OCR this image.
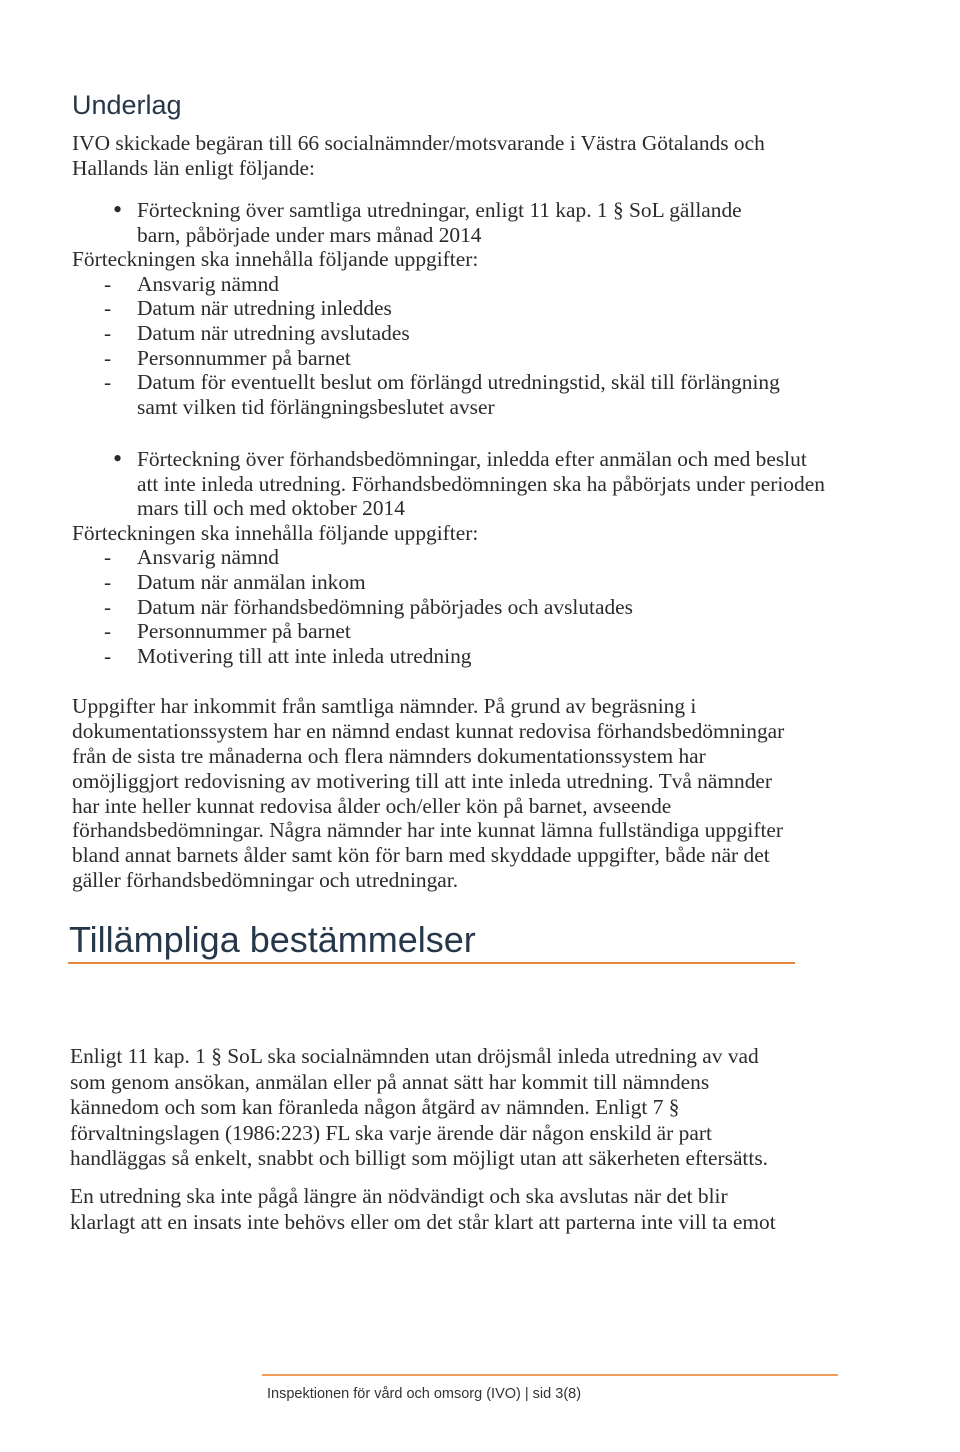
Underlag
IVO skickade begäran till 66 socialnämnder/motsvarande i Västra Götalands och
Hallands län enligt följande:
• Förteckning över samtliga utredningar, enligt 11 kap. 1 § SoL gällande
barn, påbörjade under mars månad 2014
Förteckningen ska innehålla följande uppgifter:
- Ansvarig nämnd
- Datum när utredning inleddes
- Datum när utredning avslutades
- Personnummer på barnet
- Datum för eventuellt beslut om förlängd utredningstid, skäl till förlängning
samt vilken tid förlängningsbeslutet avser
• Förteckning över förhandsbedömningar, inledda efter anmälan och med beslut
att inte inleda utredning. Förhandsbedömningen ska ha påbörjats under perioden
mars till och med oktober 2014
Förteckningen ska innehålla följande uppgifter:
- Ansvarig nämnd
- Datum när anmälan inkom
- Datum när förhandsbedömning påbörjades och avslutades
- Personnummer på barnet
- Motivering till att inte inleda utredning
Uppgifter har inkommit från samtliga nämnder. På grund av begräsning i
dokumentationssystem har en nämnd endast kunnat redovisa förhandsbedömningar
från de sista tre månaderna och flera nämnders dokumentationssystem har
omöjliggjort redovisning av motivering till att inte inleda utredning. Två nämnder
har inte heller kunnat redovisa ålder och/eller kön på barnet, avseende
förhandsbedömningar. Några nämnder har inte kunnat lämna fullständiga uppgifter
bland annat barnets ålder samt kön för barn med skyddade uppgifter, både när det
gäller förhandsbedömningar och utredningar.
Tillämpliga bestämmelser
Enligt 11 kap. 1 § SoL ska socialnämnden utan dröjsmål inleda utredning av vad
som genom ansökan, anmälan eller på annat sätt har kommit till nämndens
kännedom och som kan föranleda någon åtgärd av nämnden. Enligt 7 §
förvaltningslagen (1986:223) FL ska varje ärende där någon enskild är part
handläggas så enkelt, snabbt och billigt som möjligt utan att säkerheten eftersätts.
En utredning ska inte pågå längre än nödvändigt och ska avslutas när det blir
klarlagt att en insats inte behövs eller om det står klart att parterna inte vill ta emot
Inspektionen för vård och omsorg (IVO) | sid 3(8)
